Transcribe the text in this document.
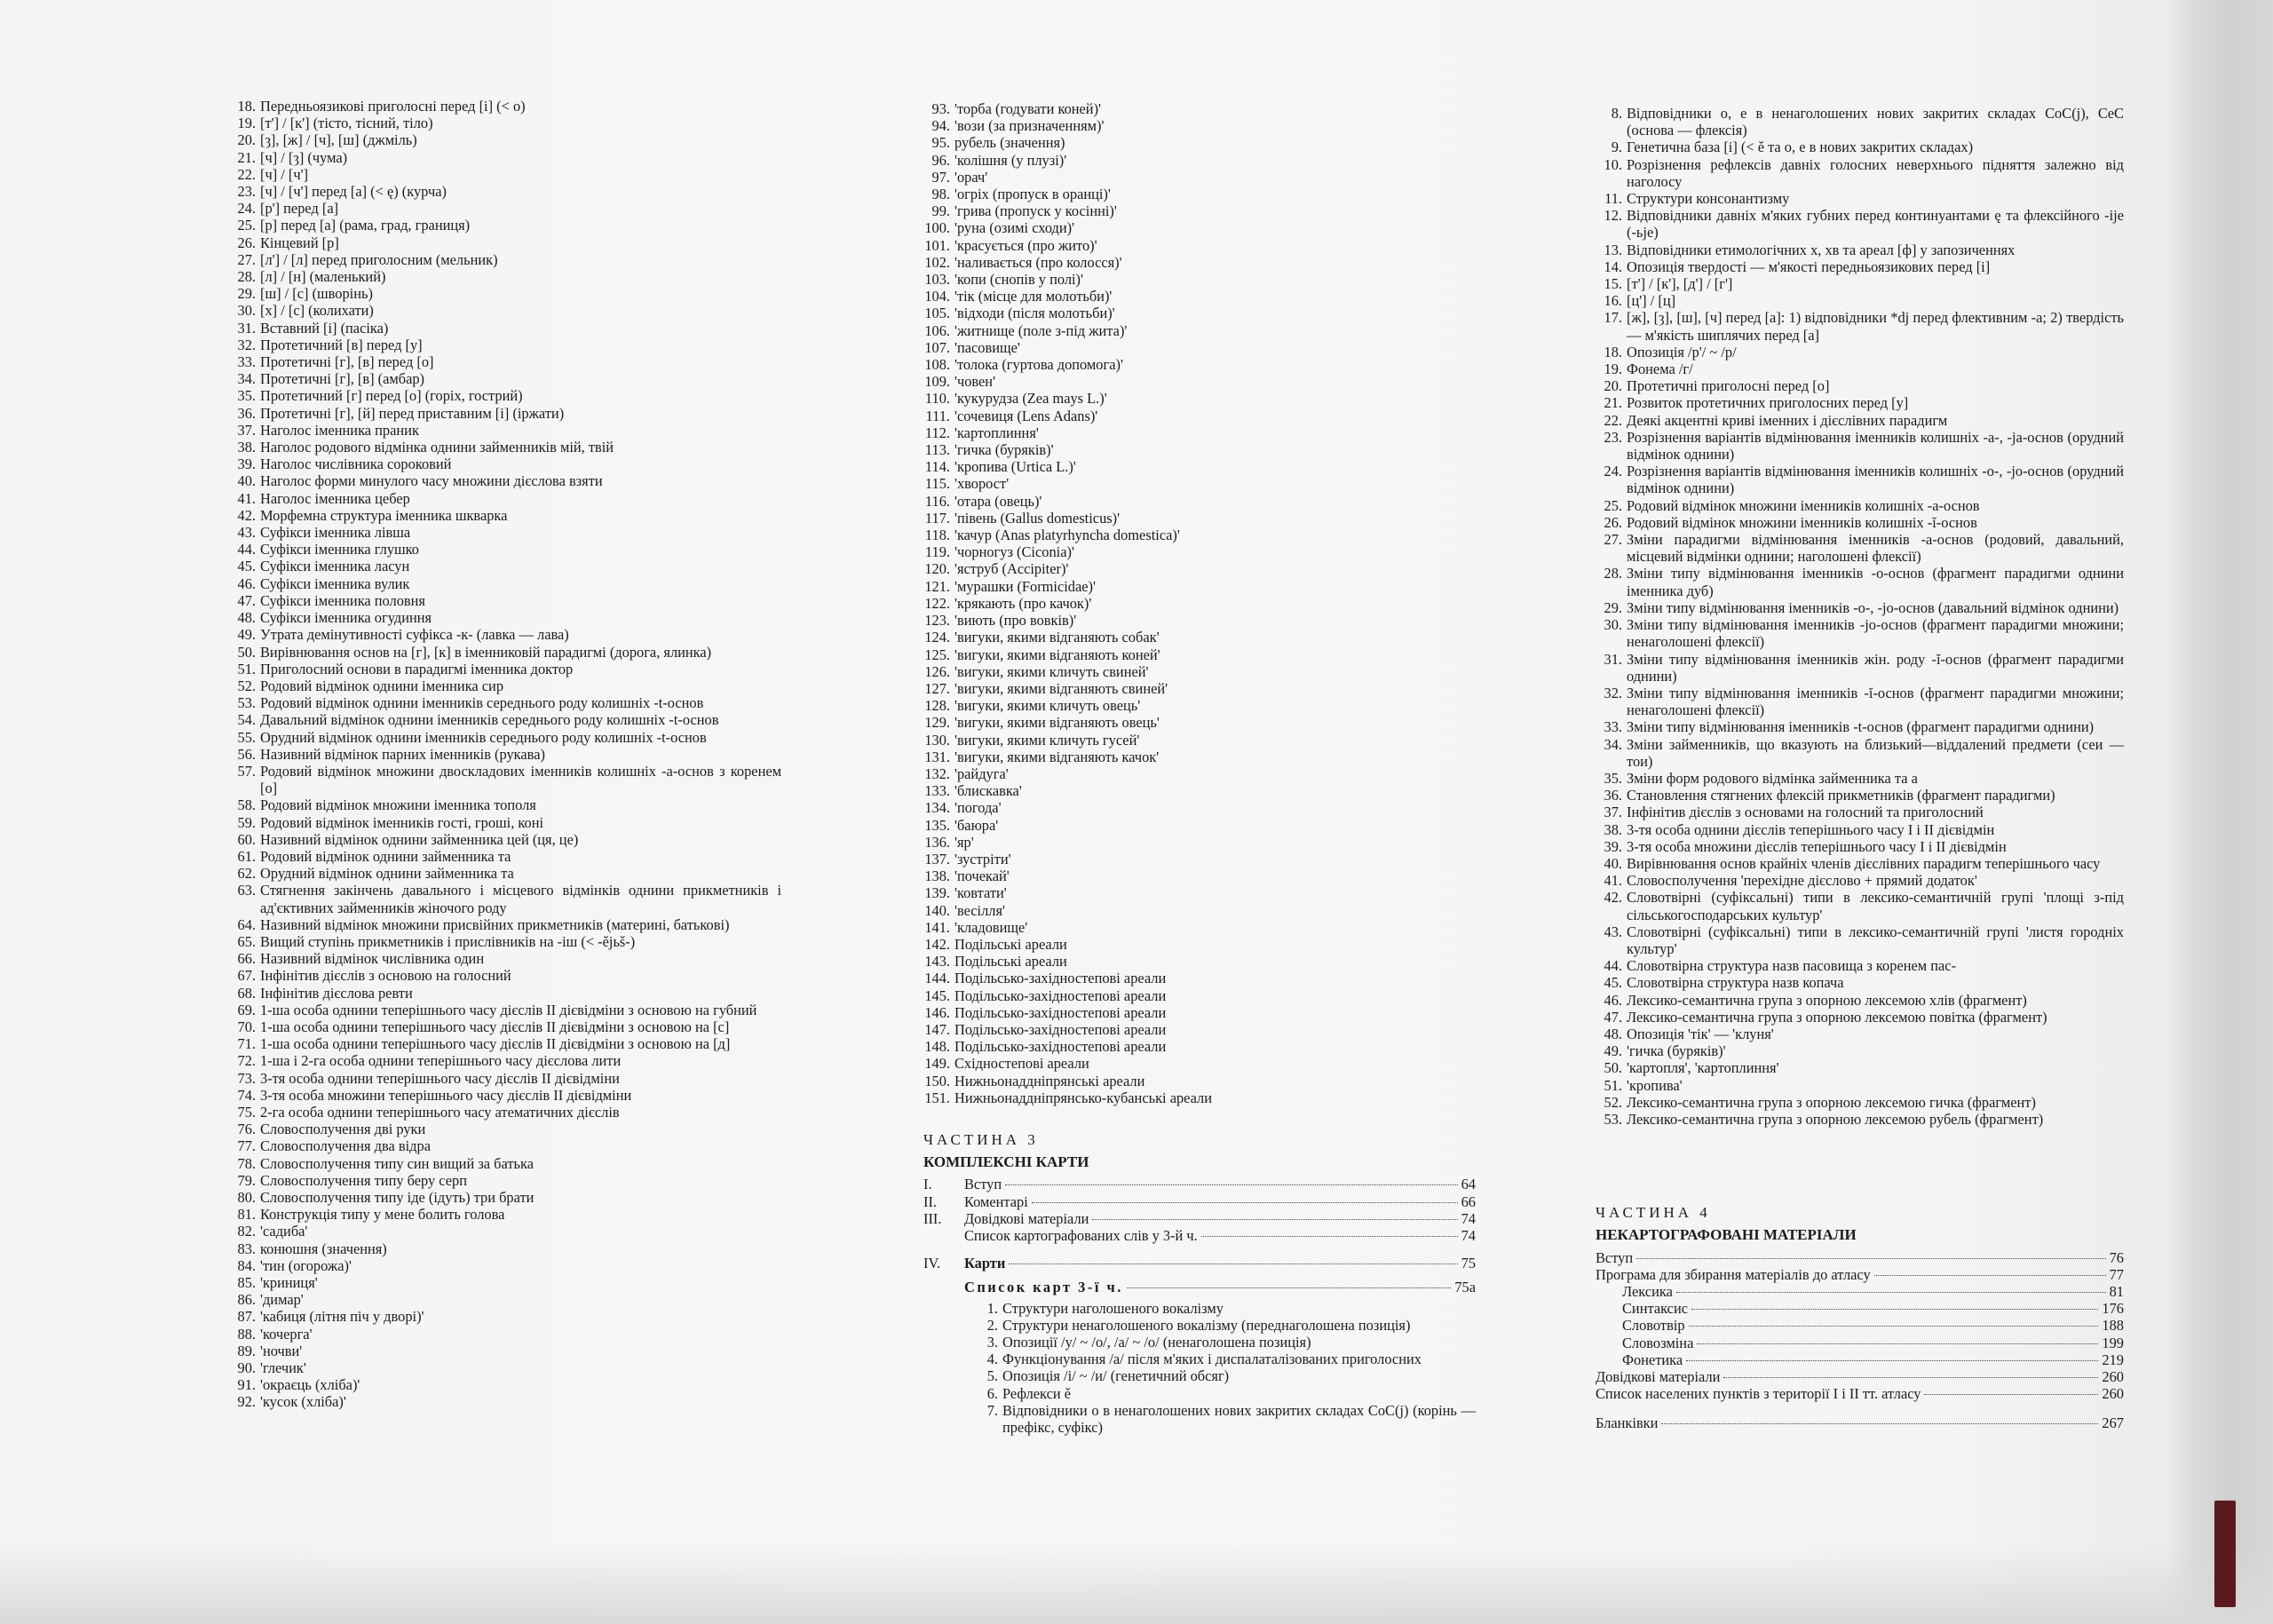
18. Передньоязикові приголосні перед [і] (< о)
19. [т'] / [к'] (тісто, тісний, тіло)
20. [ȝ], [ж] / [ч], [ш] (джміль)
21. [ч] / [ȝ] (чума)
22. [ч] / [ч']
23. [ч] / [ч'] перед [а] (< ę) (курча)
24. [р'] перед [а]
25. [р] перед [а] (рама, град, границя)
26. Кінцевий [р]
27. [л'] / [л] перед приголосним (мельник)
28. [л] / [н] (маленький)
29. [ш] / [с] (шворінь)
30. [х] / [с] (колихати)
31. Вставний [і] (пасіка)
32. Протетичний [в] перед [у]
33. Протетичні [г], [в] перед [о]
34. Протетичні [г], [в] (амбар)
35. Протетичний [г] перед [о] (горіх, гострий)
36. Протетичні [г], [й] перед приставним [і] (іржати)
37. Наголос іменника праник
38. Наголос родового відмінка однини займенників мій, твій
39. Наголос числівника сороковий
40. Наголос форми минулого часу множини дієслова взяти
41. Наголос іменника цебер
42. Морфемна структура іменника шкварка
43. Суфікси іменника лівша
44. Суфікси іменника глушко
45. Суфікси іменника ласун
46. Суфікси іменника вулик
47. Суфікси іменника половня
48. Суфікси іменника огудиння
49. Утрата демінутивності суфікса -к- (лавка — лава)
50. Вирівнювання основ на [г], [к] в іменниковій парадигмі (дорога, ялинка)
51. Приголосний основи в парадигмі іменника доктор
52. Родовий відмінок однини іменника сир
53. Родовий відмінок однини іменників середнього роду колишніх -t-основ
54. Давальний відмінок однини іменників середнього роду колишніх -t-основ
55. Орудний відмінок однини іменників середнього роду колишніх -t-основ
56. Називний відмінок парних іменників (рукава)
57. Родовий відмінок множини двоскладових іменників колишніх -а-основ з коренем [о]
58. Родовий відмінок множини іменника тополя
59. Родовий відмінок іменників гості, гроші, коні
60. Називний відмінок однини займенника цей (ця, це)
61. Родовий відмінок однини займенника та
62. Орудний відмінок однини займенника та
63. Стягнення закінчень давального і місцевого відмінків однини прикметників і ад'єктивних займенників жіночого роду
64. Називний відмінок множини присвійних прикметників (материні, батькові)
65. Вищий ступінь прикметників і прислівників на -іш (< -ějьš-)
66. Називний відмінок числівника один
67. Інфінітив дієслів з основою на голосний
68. Інфінітив дієслова ревти
69. 1-ша особа однини теперішнього часу дієслів II дієвідміни з основою на губний
70. 1-ша особа однини теперішнього часу дієслів II дієвідміни з основою на [с]
71. 1-ша особа однини теперішнього часу дієслів II дієвідміни з основою на [д]
72. 1-ша і 2-га особа однини теперішнього часу дієслова лити
73. 3-тя особа однини теперішнього часу дієслів II дієвідміни
74. 3-тя особа множини теперішнього часу дієслів II дієвідміни
75. 2-га особа однини теперішнього часу атематичних дієслів
76. Словосполучення дві руки
77. Словосполучення два відра
78. Словосполучення типу син вищий за батька
79. Словосполучення типу беру серп
80. Словосполучення типу іде (ідуть) три брати
81. Конструкція типу у мене болить голова
82. 'садиба'
83. конюшня (значення)
84. 'тин (огорожа)'
85. 'криниця'
86. 'димар'
87. 'кабиця (літня піч у дворі)'
88. 'кочерга'
89. 'ночви'
90. 'глечик'
91. 'окраєць (хліба)'
92. 'кусок (хліба)'
93. 'торба (годувати коней)'
94. 'вози (за призначенням)'
95. рубель (значення)
96. 'колішня (у плузі)'
97. 'орач'
98. 'огріх (пропуск в оранці)'
99. 'грива (пропуск у косінні)'
100. 'руна (озимі сходи)'
101. 'красується (про жито)'
102. 'наливається (про колосся)'
103. 'копи (снопів у полі)'
104. 'тік (місце для молотьби)'
105. 'відходи (після молотьби)'
106. 'житнище (поле з-під жита)'
107. 'пасовище'
108. 'толока (гуртова допомога)'
109. 'човен'
110. 'кукурудза (Zea mays L.)'
111. 'сочевиця (Lens Adans)'
112. 'картоплиння'
113. 'гичка (буряків)'
114. 'кропива (Urtica L.)'
115. 'хворост'
116. 'отара (овець)'
117. 'півень (Gallus domesticus)'
118. 'качур (Anas platyrhyncha domestica)'
119. 'чорногуз (Ciconia)'
120. 'яструб (Accipiter)'
121. 'мурашки (Formicidae)'
122. 'крякають (про качок)'
123. 'виють (про вовків)'
124. 'вигуки, якими відганяють собак'
125. 'вигуки, якими відганяють коней'
126. 'вигуки, якими кличуть свиней'
127. 'вигуки, якими відганяють свиней'
128. 'вигуки, якими кличуть овець'
129. 'вигуки, якими відганяють овець'
130. 'вигуки, якими кличуть гусей'
131. 'вигуки, якими відганяють качок'
132. 'райдуга'
133. 'блискавка'
134. 'погода'
135. 'баюра'
136. 'яр'
137. 'зустріти'
138. 'почекай'
139. 'ковтати'
140. 'весілля'
141. 'кладовище'
142. Подільські ареали
143. Подільські ареали
144. Подільсько-західностепові ареали
145. Подільсько-західностепові ареали
146. Подільсько-західностепові ареали
147. Подільсько-західностепові ареали
148. Подільсько-західностепові ареали
149. Східностепові ареали
150. Нижньонаддніпрянські ареали
151. Нижньонаддніпрянсько-кубанські ареали
ЧАСТИНА 3
КОМПЛЕКСНІ КАРТИ
I.	Вступ	64
II.	Коментарі	66
III.	Довідкові матеріали	74
Список картографованих слів у 3-й ч.	74
IV.	Карти	75
Список карт 3-ї ч.	75а
1. Структури наголошеного вокалізму
2. Структури ненаголошеного вокалізму (переднаголошена позиція)
3. Опозиції /у/ ~ /о/, /а/ ~ /о/ (ненаголошена позиція)
4. Функціонування /а/ після м'яких і диспалаталізованих приголосних
5. Опозиція /і/ ~ /и/ (генетичний обсяг)
6. Рефлекси ě
7. Відповідники о в ненаголошених нових закритих складах CoC(j) (корінь — префікс, суфікс)
8. Відповідники о, е в ненаголошених нових закритих складах CoC(j), CeC (основа — флексія)
9. Генетична база [і] (< ě та о, е в нових закритих складах)
10. Розрізнення рефлексів давніх голосних неверхнього підняття залежно від наголосу
11. Структури консонантизму
12. Відповідники давніх м'яких губних перед континуантами ę та флексійного -ije (-ьje)
13. Відповідники етимологічних х, хв та ареал [ф] у запозиченнях
14. Опозиція твердості — м'якості передньоязикових перед [і]
15. [т'] / [к'], [д'] / [г']
16. [ц'] / [ц]
17. [ж], [ȝ], [ш], [ч] перед [а]: 1) відповідники *dj перед флективним -а; 2) твердість — м'якість шиплячих перед [а]
18. Опозиція /р'/ ~ /р/
19. Фонема /г/
20. Протетичні приголосні перед [о]
21. Розвиток протетичних приголосних перед [у]
22. Деякі акцентні криві іменних і дієслівних парадигм
23. Розрізнення варіантів відмінювання іменників колишніх -а-, -jа-основ (орудний відмінок однини)
24. Розрізнення варіантів відмінювання іменників колишніх -о-, -jо-основ (орудний відмінок однини)
25. Родовий відмінок множини іменників колишніх -а-основ
26. Родовий відмінок множини іменників колишніх -ĭ-основ
27. Зміни парадигми відмінювання іменників -а-основ (родовий, давальний, місцевий відмінки однини; наголошені флексії)
28. Зміни типу відмінювання іменників -о-основ (фрагмент парадигми однини іменника дуб)
29. Зміни типу відмінювання іменників -о-, -jо-основ (давальний відмінок однини)
30. Зміни типу відмінювання іменників -jо-основ (фрагмент парадигми множини; ненаголошені флексії)
31. Зміни типу відмінювання іменників жін. роду -ĭ-основ (фрагмент парадигми однини)
32. Зміни типу відмінювання іменників -ĭ-основ (фрагмент парадигми множини; ненаголошені флексії)
33. Зміни типу відмінювання іменників -t-основ (фрагмент парадигми однини)
34. Зміни займенників, що вказують на близький—віддалений предмети (сеи — тои)
35. Зміни форм родового відмінка займенника та а
36. Становлення стягнених флексій прикметників (фрагмент парадигми)
37. Інфінітив дієслів з основами на голосний та приголосний
38. 3-тя особа однини дієслів теперішнього часу I і II дієвідмін
39. 3-тя особа множини дієслів теперішнього часу I і II дієвідмін
40. Вирівнювання основ крайніх членів дієслівних парадигм теперішнього часу
41. Словосполучення 'перехідне дієслово + прямий додаток'
42. Словотвірні (суфіксальні) типи в лексико-семантичній групі 'площі з-під сільськогосподарських культур'
43. Словотвірні (суфіксальні) типи в лексико-семантичній групі 'листя городніх культур'
44. Словотвірна структура назв пасовища з коренем пас-
45. Словотвірна структура назв копача
46. Лексико-семантична група з опорною лексемою хлів (фрагмент)
47. Лексико-семантична група з опорною лексемою повітка (фрагмент)
48. Опозиція 'тік' — 'клуня'
49. 'гичка (буряків)'
50. 'картопля', 'картоплиння'
51. 'кропива'
52. Лексико-семантична група з опорною лексемою гичка (фрагмент)
53. Лексико-семантична група з опорною лексемою рубель (фрагмент)
ЧАСТИНА 4
НЕКАРТОГРАФОВАНІ МАТЕРІАЛИ
Вступ	76
Програма для збирання матеріалів до атласу	77
Лексика	81
Синтаксис	176
Словотвір	188
Словозміна	199
Фонетика	219
Довідкові матеріали	260
Список населених пунктів з території I і II тт. атласу	260
Бланківки	267
